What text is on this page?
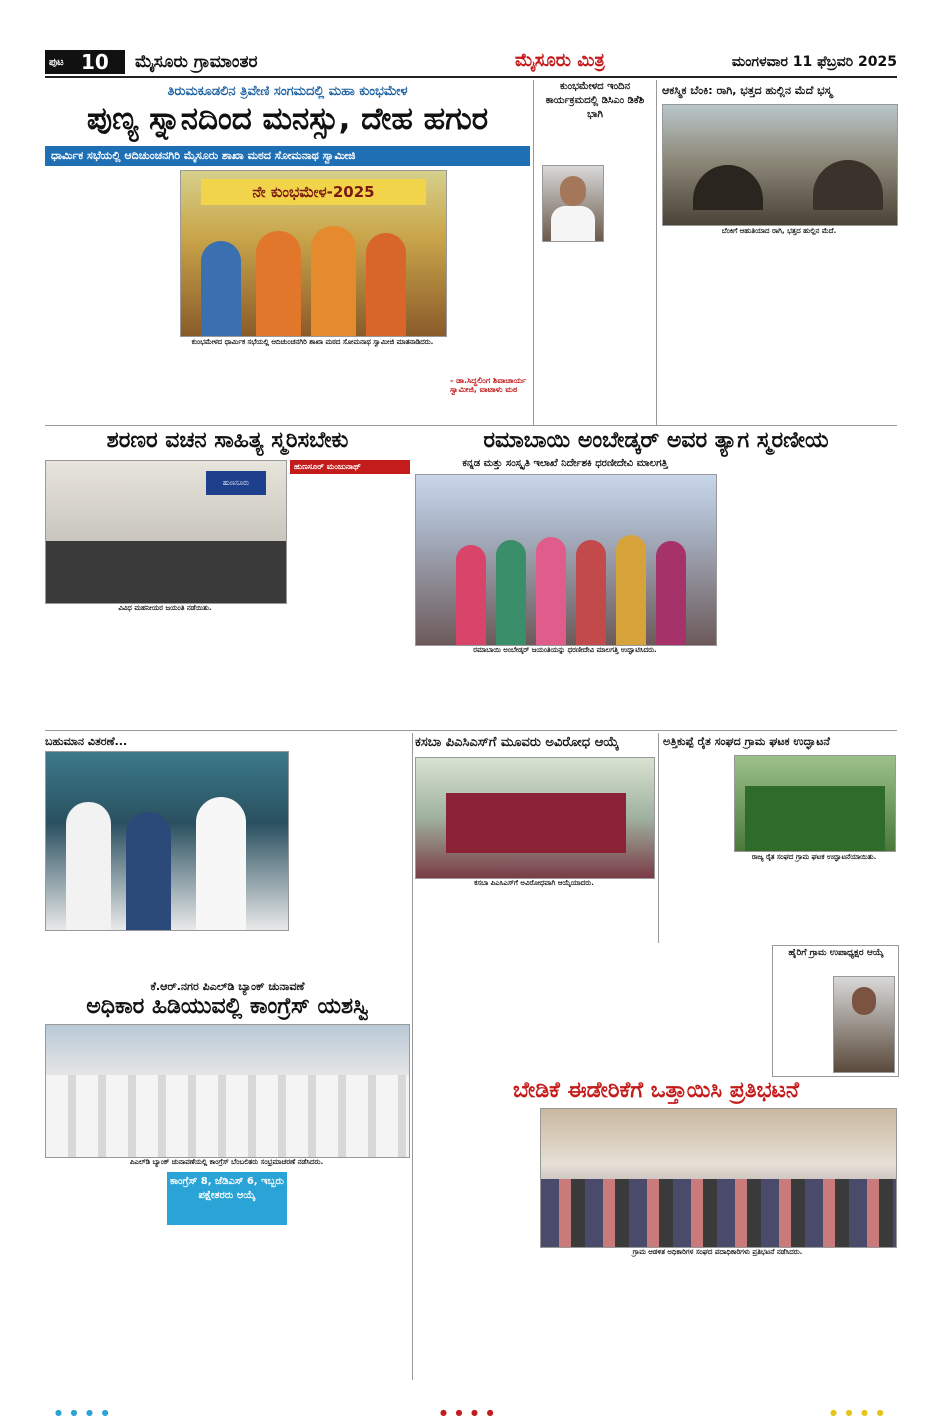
ಪುಟ 10 ಮೈಸೂರು ಗ್ರಾಮಾಂತರ	ಮೈಸೂರು ಮಿತ್ರ	ಮಂಗಳವಾರ 11 ಫೆಬ್ರವರಿ 2025
ತಿರುಮಕೂಡಲಿನ ತ್ರಿವೇಣಿ ಸಂಗಮದಲ್ಲಿ ಮಹಾ ಕುಂಭಮೇಳ
ಪುಣ್ಯ ಸ್ನಾನದಿಂದ ಮನಸ್ಸು, ದೇಹ ಹಗುರ
ಧಾರ್ಮಿಕ ಸಭೆಯಲ್ಲಿ ಆದಿಚುಂಚನಗಿರಿ ಮೈಸೂರು ಶಾಖಾ ಮಠದ ಸೋಮನಾಥ ಸ್ವಾಮೀಜಿ
ನೇ ಕುಂಭಮೇಳ-2025
ಕುಂಭಮೇಳದ ಧಾರ್ಮಿಕ ಸಭೆಯಲ್ಲಿ ಆದಿಚುಂಚನಗಿರಿ ಶಾಖಾ ಮಠದ ಸೋಮನಾಥ ಸ್ವಾಮೀಜಿ ಮಾತನಾಡಿದರು.
- ಡಾ.ಸಿದ್ದಲಿಂಗ ಶಿವಾಚಾರ್ಯ ಸ್ವಾಮೀಜಿ, ವಾಟಾಳು ಮಠ
ಕುಂಭಮೇಳದ ಇಂದಿನ ಕಾರ್ಯಕ್ರಮದಲ್ಲಿ ಡಿಸಿಎಂ ಡಿಕೆಶಿ ಭಾಗಿ
ಆಕಸ್ಮಿಕ ಬೆಂಕಿ: ರಾಗಿ, ಭತ್ತದ ಹುಲ್ಲಿನ ಮೆದೆ ಭಸ್ಮ
ಬೆಂಕಿಗೆ ಆಹುತಿಯಾದ ರಾಗಿ, ಭತ್ತದ ಹುಲ್ಲಿನ ಮೆದೆ.
ಶರಣರ ವಚನ ಸಾಹಿತ್ಯ ಸ್ಮರಿಸಬೇಕು
ಹುಣಸೂರು
ವಿವಿಧ ಮಹನೀಯರ ಜಯಂತಿ ನಡೆಯಿತು.
ಹುಣಸೂರ್ ಮಂಜುನಾಥ್
ರಮಾಬಾಯಿ ಅಂಬೇಡ್ಕರ್ ಅವರ ತ್ಯಾಗ ಸ್ಮರಣೀಯ
ಕನ್ನಡ ಮತ್ತು ಸಂಸ್ಕೃತಿ ಇಲಾಖೆ ನಿರ್ದೇಶಕಿ ಧರಣೀದೇವಿ ಮಾಲಗತ್ತಿ
ರಮಾಬಾಯಿ ಅಂಬೇಡ್ಕರ್ ಜಯಂತಿಯನ್ನು ಧರಣೀದೇವಿ ಮಾಲಗತ್ತಿ ಉದ್ಘಾಟಿಸಿದರು.
ಬಹುಮಾನ ವಿತರಣೆ...	ಕಸಬಾ ಪಿಎಸಿಎಸ್‌ಗೆ ಮೂವರು ಅವಿರೋಧ ಆಯ್ಕೆ
ಕಸಬಾ ಪಿಎಸಿಎಸ್‌ಗೆ ಅವಿರೋಧವಾಗಿ ಆಯ್ಕೆಯಾದರು.
ಅತ್ತಿಕುಪ್ಪೆ ರೈತ ಸಂಘದ ಗ್ರಾಮ ಘಟಕ ಉದ್ಘಾಟನೆ
ರಾಜ್ಯ ರೈತ ಸಂಘದ ಗ್ರಾಮ ಘಟಕ ಉದ್ಘಾಟನೆಯಾಯಿತು.
ಹೈರಿಗೆ ಗ್ರಾಮ ಉಪಾಧ್ಯಕ್ಷರ ಆಯ್ಕೆ
ಕೆ.ಆರ್.ನಗರ ಪಿಎಲ್‌ಡಿ ಬ್ಯಾಂಕ್ ಚುನಾವಣೆ
ಅಧಿಕಾರ ಹಿಡಿಯುವಲ್ಲಿ ಕಾಂಗ್ರೆಸ್ ಯಶಸ್ವಿ
ಪಿಎಲ್‌ಡಿ ಬ್ಯಾಂಕ್ ಚುನಾವಣೆಯಲ್ಲಿ ಕಾಂಗ್ರೆಸ್ ಬೆಂಬಲಿತರು ಸಂಭ್ರಮಾಚರಣೆ ನಡೆಸಿದರು.
ಕಾಂಗ್ರೆಸ್ 8, ಜೆಡಿಎಸ್ 6, ಇಬ್ಬರು ಪಕ್ಷೇತರರು ಆಯ್ಕೆ
ಬೇಡಿಕೆ ಈಡೇರಿಕೆಗೆ ಒತ್ತಾಯಿಸಿ ಪ್ರತಿಭಟನೆ
ಗ್ರಾಮ ಆಡಳಿತ ಅಧಿಕಾರಿಗಳ ಸಂಘದ ಪದಾಧಿಕಾರಿಗಳು ಪ್ರತಿಭಟನೆ ನಡೆಸಿದರು.
● ● ● ●	● ● ● ●	● ● ● ●
